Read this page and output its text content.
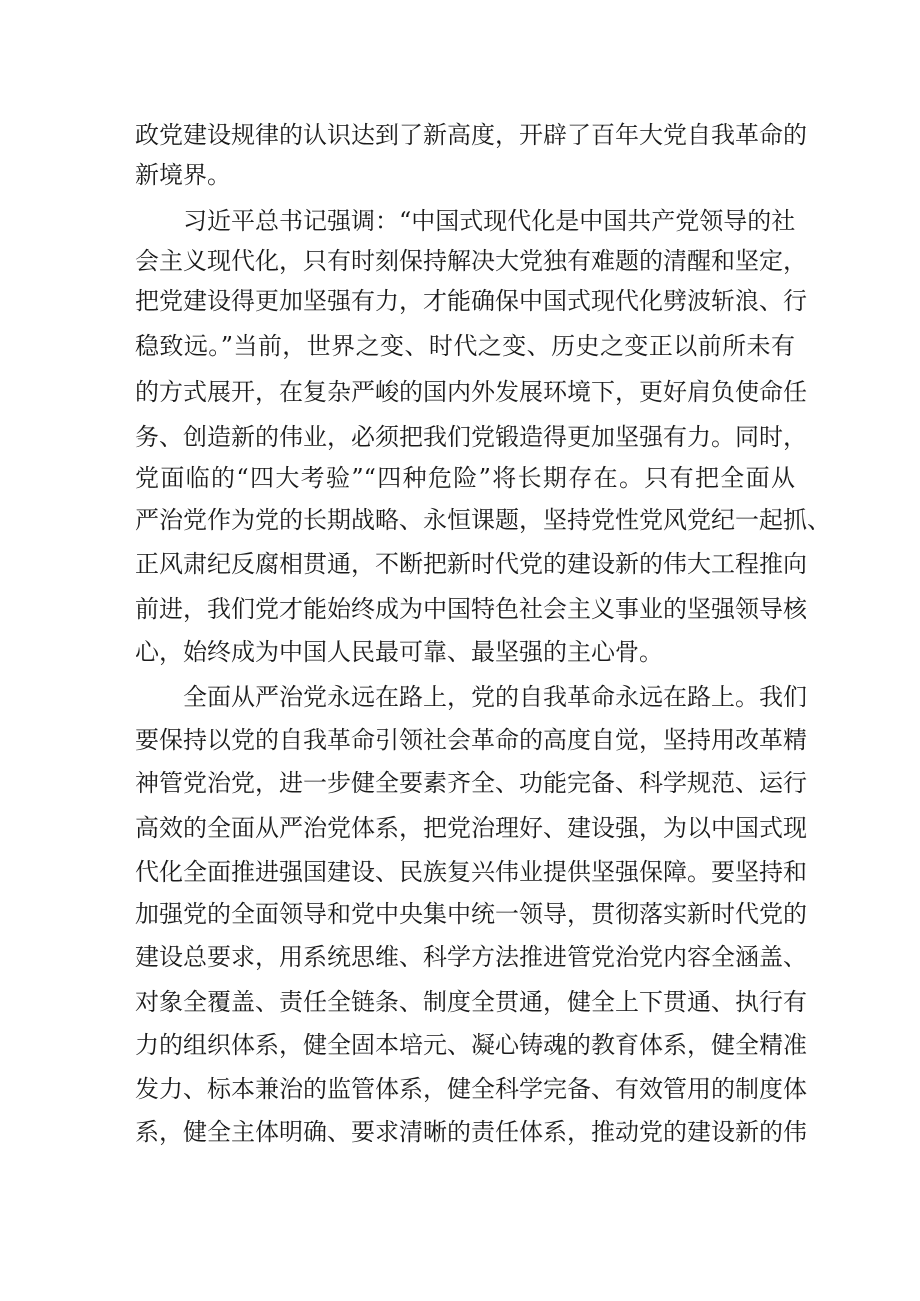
政党建设规律的认识达到了新高度，开辟了百年大党自我革命的
新境界。
习近平总书记强调：“中国式现代化是中国共产党领导的社
会主义现代化，只有时刻保持解决大党独有难题的清醒和坚定，
把党建设得更加坚强有力，才能确保中国式现代化劈波斩浪、行
稳致远。”当前，世界之变、时代之变、历史之变正以前所未有
的方式展开，在复杂严峻的国内外发展环境下，更好肩负使命任
务、创造新的伟业，必须把我们党锻造得更加坚强有力。同时，
党面临的“四大考验”“四种危险”将长期存在。只有把全面从
严治党作为党的长期战略、永恒课题，坚持党性党风党纪一起抓、
正风肃纪反腐相贯通，不断把新时代党的建设新的伟大工程推向
前进，我们党才能始终成为中国特色社会主义事业的坚强领导核
心，始终成为中国人民最可靠、最坚强的主心骨。
全面从严治党永远在路上，党的自我革命永远在路上。我们
要保持以党的自我革命引领社会革命的高度自觉，坚持用改革精
神管党治党，进一步健全要素齐全、功能完备、科学规范、运行
高效的全面从严治党体系，把党治理好、建设强，为以中国式现
代化全面推进强国建设、民族复兴伟业提供坚强保障。要坚持和
加强党的全面领导和党中央集中统一领导，贯彻落实新时代党的
建设总要求，用系统思维、科学方法推进管党治党内容全涵盖、
对象全覆盖、责任全链条、制度全贯通，健全上下贯通、执行有
力的组织体系，健全固本培元、凝心铸魂的教育体系，健全精准
发力、标本兼治的监管体系，健全科学完备、有效管用的制度体
系，健全主体明确、要求清晰的责任体系，推动党的建设新的伟
